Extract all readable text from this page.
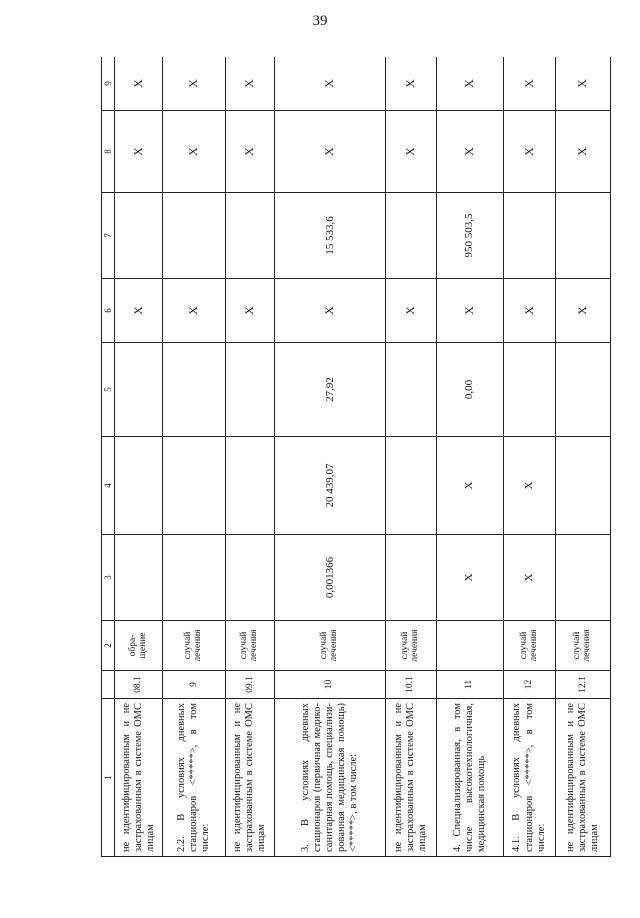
39
1		2	3	4	5	6	7	8	9
не идентифицированным и не застрахованным в системе ОМС лицам	08.1	обра-щение				X		X	X
2.2. В условиях дневных стационаров <*****>, в том числе:	9	случай лечения				X		X	X
не идентифицированным и не застрахованным в системе ОМС лицам	09.1	случай лечения				X		X	X
3. В условиях дневных стационаров (первичная медико-санитарная помощь, специализи-рованная медицинская помощь) <*****>, в том числе:	10	случай лечения	0,001366	20 439,07	27,92	X	15 533,6	X	X
не идентифицированным и не застрахованным в системе ОМС лицам	10.1	случай лечения				X		X	X
4. Специализированная, в том числе высокотехнологичная, медицинская помощь	11		X	X	0,00	X	950 503,5	X	X
4.1. В условиях дневных стационаров <*****>, в том числе:	12	случай лечения	X	X		X		X	X
не идентифицированным и не застрахованным в системе ОМС лицам	12.1	случай лечения				X		X	X
